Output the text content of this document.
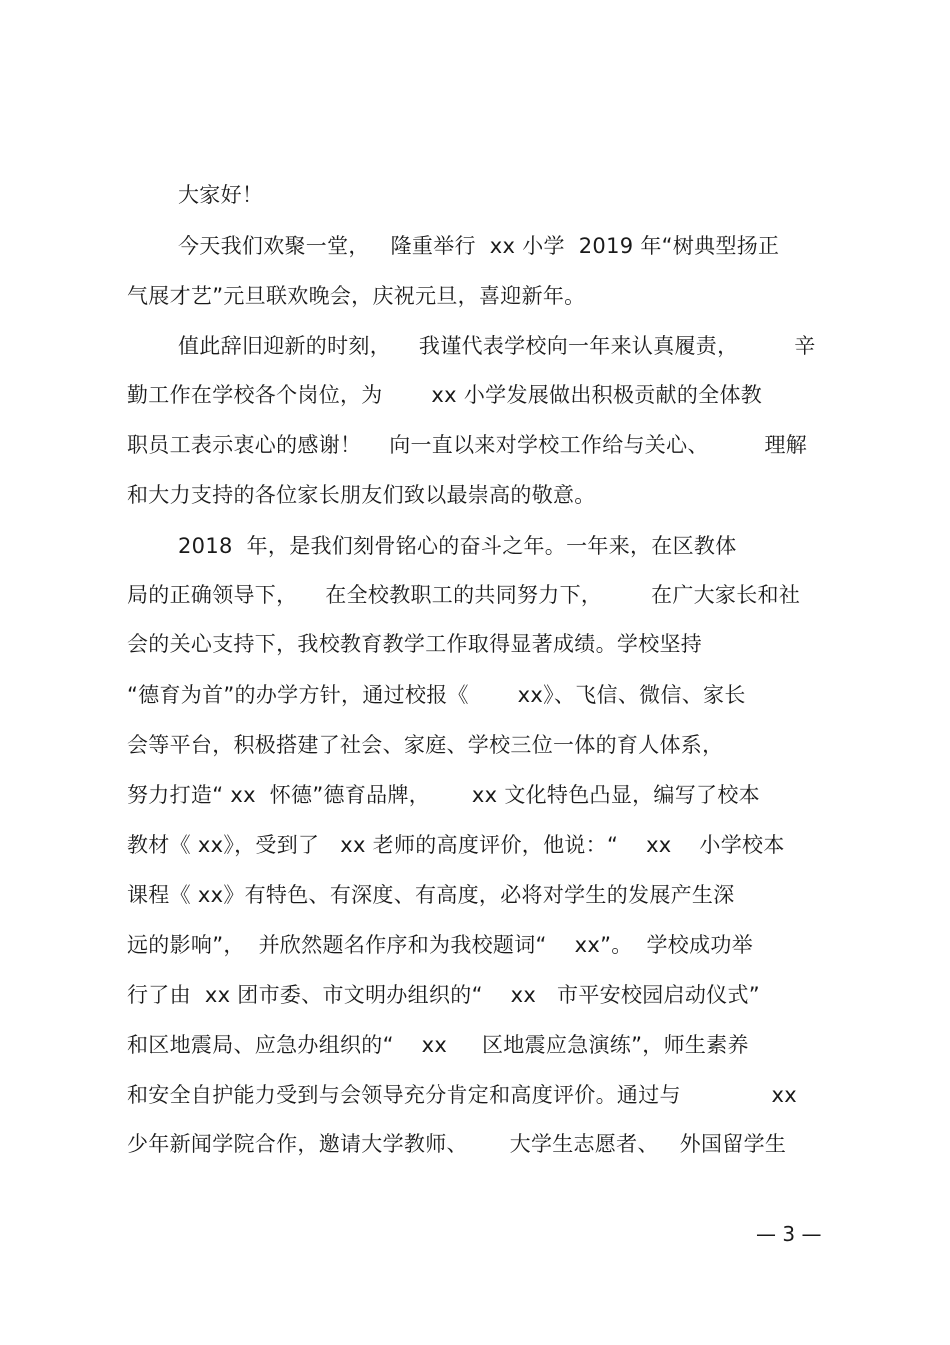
大家好！
今天我们欢聚一堂，   隆重举行  xx 小学  2019 年“树典型扬正
气展才艺”元旦联欢晚会，庆祝元旦，喜迎新年。
值此辞旧迎新的时刻，    我谨代表学校向一年来认真履责，        辛
勤工作在学校各个岗位，为       xx 小学发展做出积极贡献的全体教
职员工表示衷心的感谢！    向一直以来对学校工作给与关心、        理解
和大力支持的各位家长朋友们致以最崇高的敬意。
2018  年，是我们刻骨铭心的奋斗之年。一年来，在区教体
局的正确领导下，    在全校教职工的共同努力下，       在广大家长和社
会的关心支持下，我校教育教学工作取得显著成绩。学校坚持
“德育为首”的办学方针，通过校报《       xx》、飞信、微信、家长
会等平台，积极搭建了社会、家庭、学校三位一体的育人体系，
努力打造“ xx  怀德”德育品牌，      xx 文化特色凸显，编写了校本
教材《 xx》，受到了   xx 老师的高度评价，他说：“    xx    小学校本
课程《 xx》有特色、有深度、有高度，必将对学生的发展产生深
远的影响”，  并欣然题名作序和为我校题词“    xx”。  学校成功举
行了由  xx 团市委、市文明办组织的“    xx   市平安校园启动仪式”
和区地震局、应急办组织的“    xx     区地震应急演练”，师生素养
和安全自护能力受到与会领导充分肯定和高度评价。通过与             xx
少年新闻学院合作，邀请大学教师、      大学生志愿者、   外国留学生
— 3 —
